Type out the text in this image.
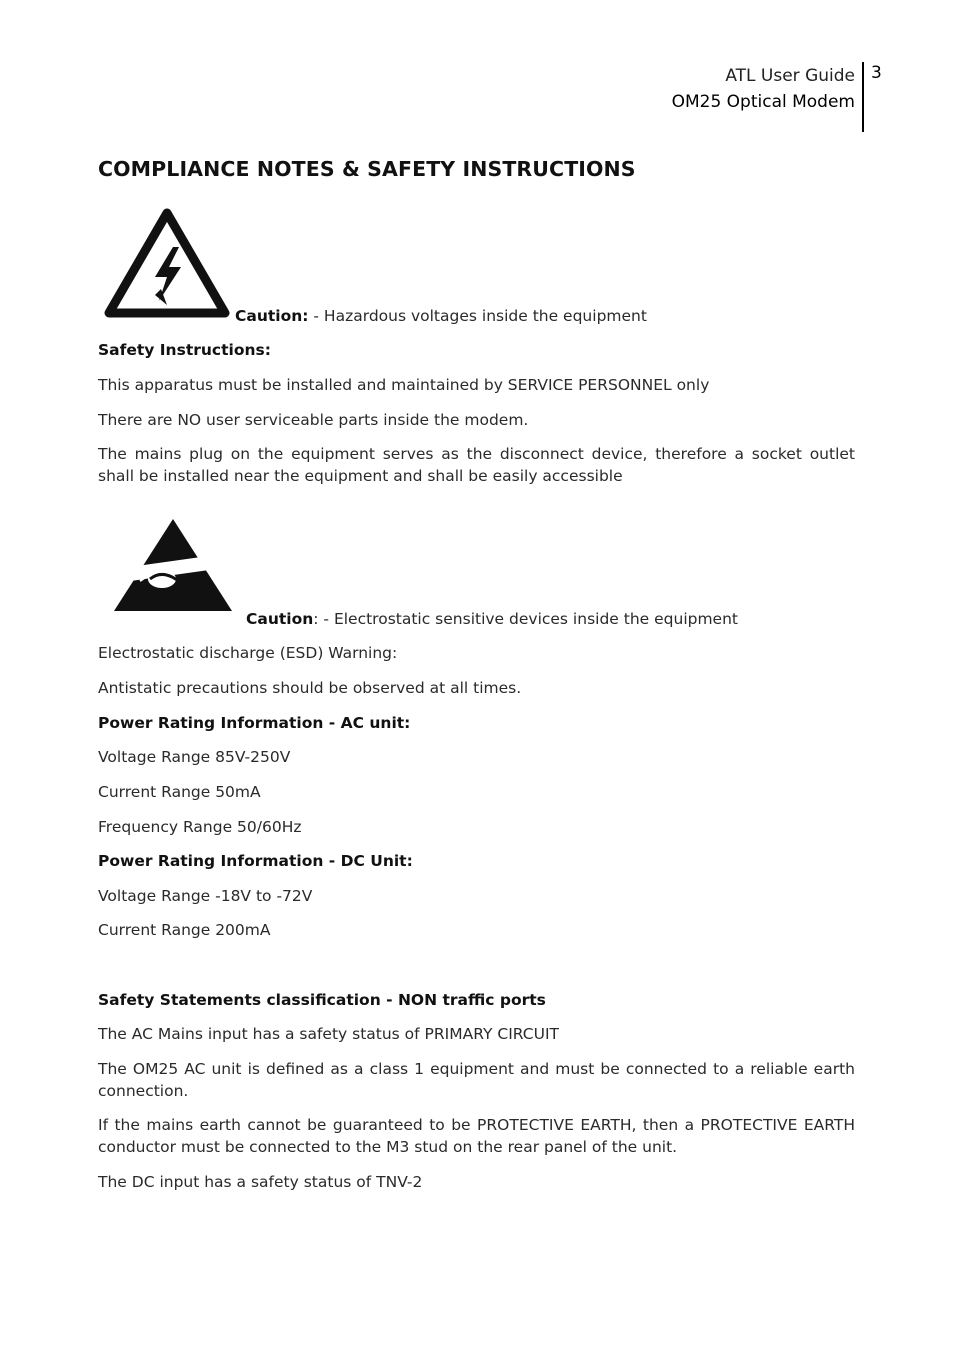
ATL User Guide
OM25 Optical Modem
3
COMPLIANCE NOTES & SAFETY INSTRUCTIONS
Caution: - Hazardous voltages inside the equipment
Safety Instructions:
This apparatus must be installed and maintained by SERVICE PERSONNEL only
There are NO user serviceable parts inside the modem.
The mains plug on the equipment serves as the disconnect device, therefore a socket outlet shall be installed near the equipment and shall be easily accessible
Caution: - Electrostatic sensitive devices inside the equipment
Electrostatic discharge (ESD) Warning:
Antistatic precautions should be observed at all times.
Power Rating Information - AC unit:
Voltage Range 85V-250V
Current Range 50mA
Frequency Range 50/60Hz
Power Rating Information - DC Unit:
Voltage Range -18V to -72V
Current Range 200mA
Safety Statements classification - NON traffic ports
The AC Mains input has a safety status of PRIMARY CIRCUIT
The OM25 AC unit is defined as a class 1 equipment and must be connected to a reliable earth connection.
If the mains earth cannot be guaranteed to be PROTECTIVE EARTH, then a PROTECTIVE EARTH conductor must be connected to the M3 stud on the rear panel of the unit.
The DC input has a safety status of TNV-2
